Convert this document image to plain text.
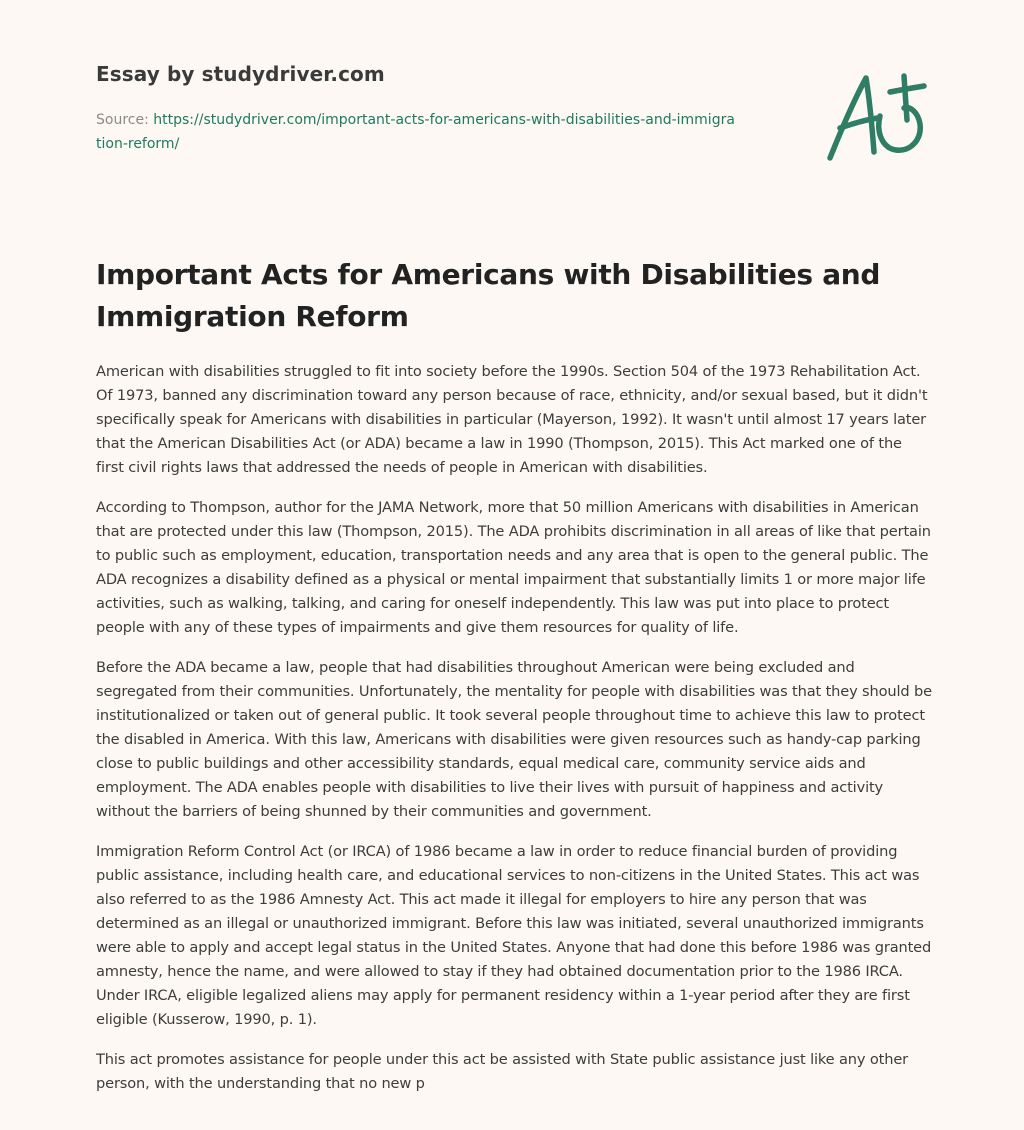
Essay by studydriver.com
Source: https://studydriver.com/important-acts-for-americans-with-disabilities-and-immigration-reform/
Important Acts for Americans with Disabilities and Immigration Reform

American with disabilities struggled to fit into society before the 1990s. Section 504 of the 1973 Rehabilitation Act. Of 1973, banned any discrimination toward any person because of race, ethnicity, and/or sexual based, but it didn't specifically speak for Americans with disabilities in particular (Mayerson, 1992). It wasn't until almost 17 years later that the American Disabilities Act (or ADA) became a law in 1990 (Thompson, 2015). This Act marked one of the first civil rights laws that addressed the needs of people in American with disabilities.

According to Thompson, author for the JAMA Network, more that 50 million Americans with disabilities in American that are protected under this law (Thompson, 2015). The ADA prohibits discrimination in all areas of like that pertain to public such as employment, education, transportation needs and any area that is open to the general public. The ADA recognizes a disability defined as a physical or mental impairment that substantially limits 1 or more major life activities, such as walking, talking, and caring for oneself independently. This law was put into place to protect people with any of these types of impairments and give them resources for quality of life.

Before the ADA became a law, people that had disabilities throughout American were being excluded and segregated from their communities. Unfortunately, the mentality for people with disabilities was that they should be institutionalized or taken out of general public. It took several people throughout time to achieve this law to protect the disabled in America. With this law, Americans with disabilities were given resources such as handy-cap parking close to public buildings and other accessibility standards, equal medical care, community service aids and employment. The ADA enables people with disabilities to live their lives with pursuit of happiness and activity without the barriers of being shunned by their communities and government.

Immigration Reform Control Act (or IRCA) of 1986 became a law in order to reduce financial burden of providing public assistance, including health care, and educational services to non-citizens in the United States. This act was also referred to as the 1986 Amnesty Act. This act made it illegal for employers to hire any person that was determined as an illegal or unauthorized immigrant. Before this law was initiated, several unauthorized immigrants were able to apply and accept legal status in the United States. Anyone that had done this before 1986 was granted amnesty, hence the name, and were allowed to stay if they had obtained documentation prior to the 1986 IRCA. Under IRCA, eligible legalized aliens may apply for permanent residency within a 1-year period after they are first eligible (Kusserow, 1990, p. 1).

This act promotes assistance for people under this act be assisted with State public assistance just like any other person, with the understanding that no new p
